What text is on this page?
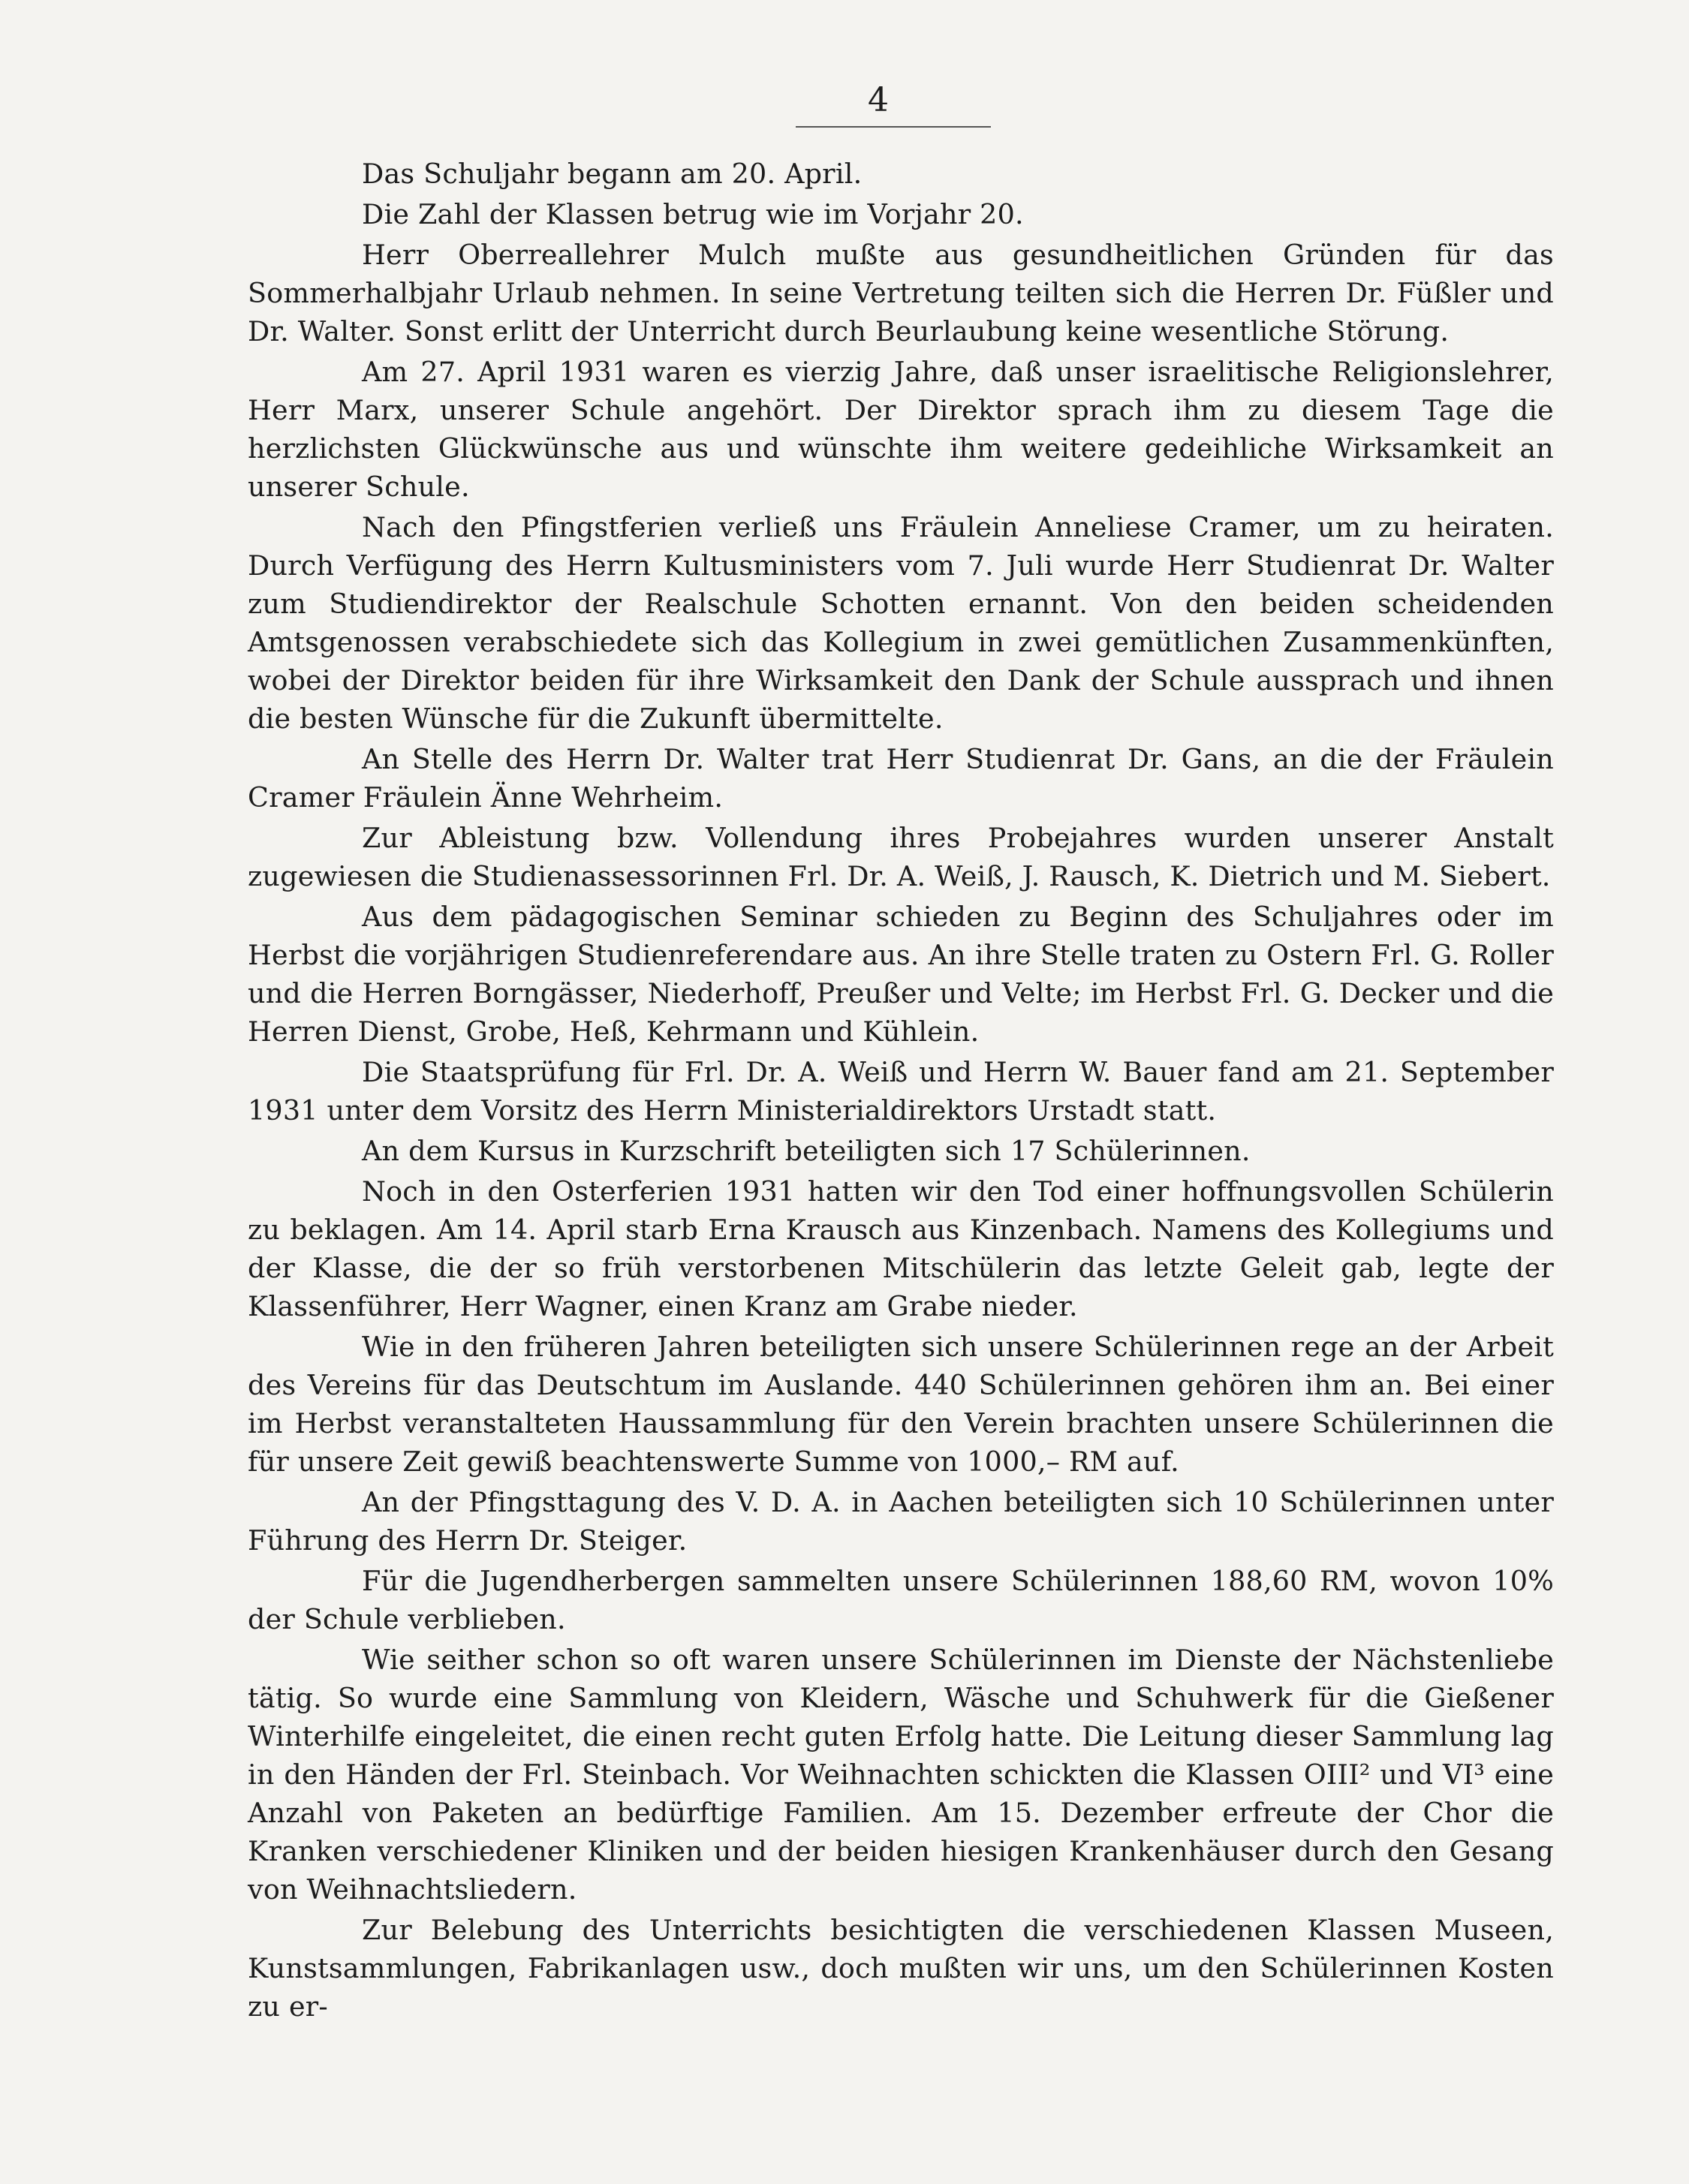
4

Das Schuljahr begann am 20. April.

Die Zahl der Klassen betrug wie im Vorjahr 20.

Herr Oberreallehrer Mulch mußte aus gesundheitlichen Gründen für das Sommerhalbjahr Urlaub nehmen. In seine Vertretung teilten sich die Herren Dr. Füßler und Dr. Walter. Sonst erlitt der Unterricht durch Beurlaubung keine wesentliche Störung.

Am 27. April 1931 waren es vierzig Jahre, daß unser israelitische Religionslehrer, Herr Marx, unserer Schule angehört. Der Direktor sprach ihm zu diesem Tage die herzlichsten Glückwünsche aus und wünschte ihm weitere gedeihliche Wirksamkeit an unserer Schule.

Nach den Pfingstferien verließ uns Fräulein Anneliese Cramer, um zu heiraten. Durch Verfügung des Herrn Kultusministers vom 7. Juli wurde Herr Studienrat Dr. Walter zum Studiendirektor der Realschule Schotten ernannt. Von den beiden scheidenden Amtsgenossen verabschiedete sich das Kollegium in zwei gemütlichen Zusammenkünften, wobei der Direktor beiden für ihre Wirksamkeit den Dank der Schule aussprach und ihnen die besten Wünsche für die Zukunft übermittelte.

An Stelle des Herrn Dr. Walter trat Herr Studienrat Dr. Gans, an die der Fräulein Cramer Fräulein Änne Wehrheim.

Zur Ableistung bzw. Vollendung ihres Probejahres wurden unserer Anstalt zugewiesen die Studienassessorinnen Frl. Dr. A. Weiß, J. Rausch, K. Dietrich und M. Siebert.

Aus dem pädagogischen Seminar schieden zu Beginn des Schuljahres oder im Herbst die vorjährigen Studienreferendare aus. An ihre Stelle traten zu Ostern Frl. G. Roller und die Herren Borngässer, Niederhoff, Preußer und Velte; im Herbst Frl. G. Decker und die Herren Dienst, Grobe, Heß, Kehrmann und Kühlein.

Die Staatsprüfung für Frl. Dr. A. Weiß und Herrn W. Bauer fand am 21. September 1931 unter dem Vorsitz des Herrn Ministerialdirektors Urstadt statt.

An dem Kursus in Kurzschrift beteiligten sich 17 Schülerinnen.

Noch in den Osterferien 1931 hatten wir den Tod einer hoffnungsvollen Schülerin zu beklagen. Am 14. April starb Erna Krausch aus Kinzenbach. Namens des Kollegiums und der Klasse, die der so früh verstorbenen Mitschülerin das letzte Geleit gab, legte der Klassenführer, Herr Wagner, einen Kranz am Grabe nieder.

Wie in den früheren Jahren beteiligten sich unsere Schülerinnen rege an der Arbeit des Vereins für das Deutschtum im Auslande. 440 Schülerinnen gehören ihm an. Bei einer im Herbst veranstalteten Haussammlung für den Verein brachten unsere Schülerinnen die für unsere Zeit gewiß beachtenswerte Summe von 1000,– RM auf.

An der Pfingsttagung des V. D. A. in Aachen beteiligten sich 10 Schülerinnen unter Führung des Herrn Dr. Steiger.

Für die Jugendherbergen sammelten unsere Schülerinnen 188,60 RM, wovon 10% der Schule verblieben.

Wie seither schon so oft waren unsere Schülerinnen im Dienste der Nächstenliebe tätig. So wurde eine Sammlung von Kleidern, Wäsche und Schuhwerk für die Gießener Winterhilfe eingeleitet, die einen recht guten Erfolg hatte. Die Leitung dieser Sammlung lag in den Händen der Frl. Steinbach. Vor Weihnachten schickten die Klassen OIII² und VI³ eine Anzahl von Paketen an bedürftige Familien. Am 15. Dezember erfreute der Chor die Kranken verschiedener Kliniken und der beiden hiesigen Krankenhäuser durch den Gesang von Weihnachtsliedern.

Zur Belebung des Unterrichts besichtigten die verschiedenen Klassen Museen, Kunstsammlungen, Fabrikanlagen usw., doch mußten wir uns, um den Schülerinnen Kosten zu er-
